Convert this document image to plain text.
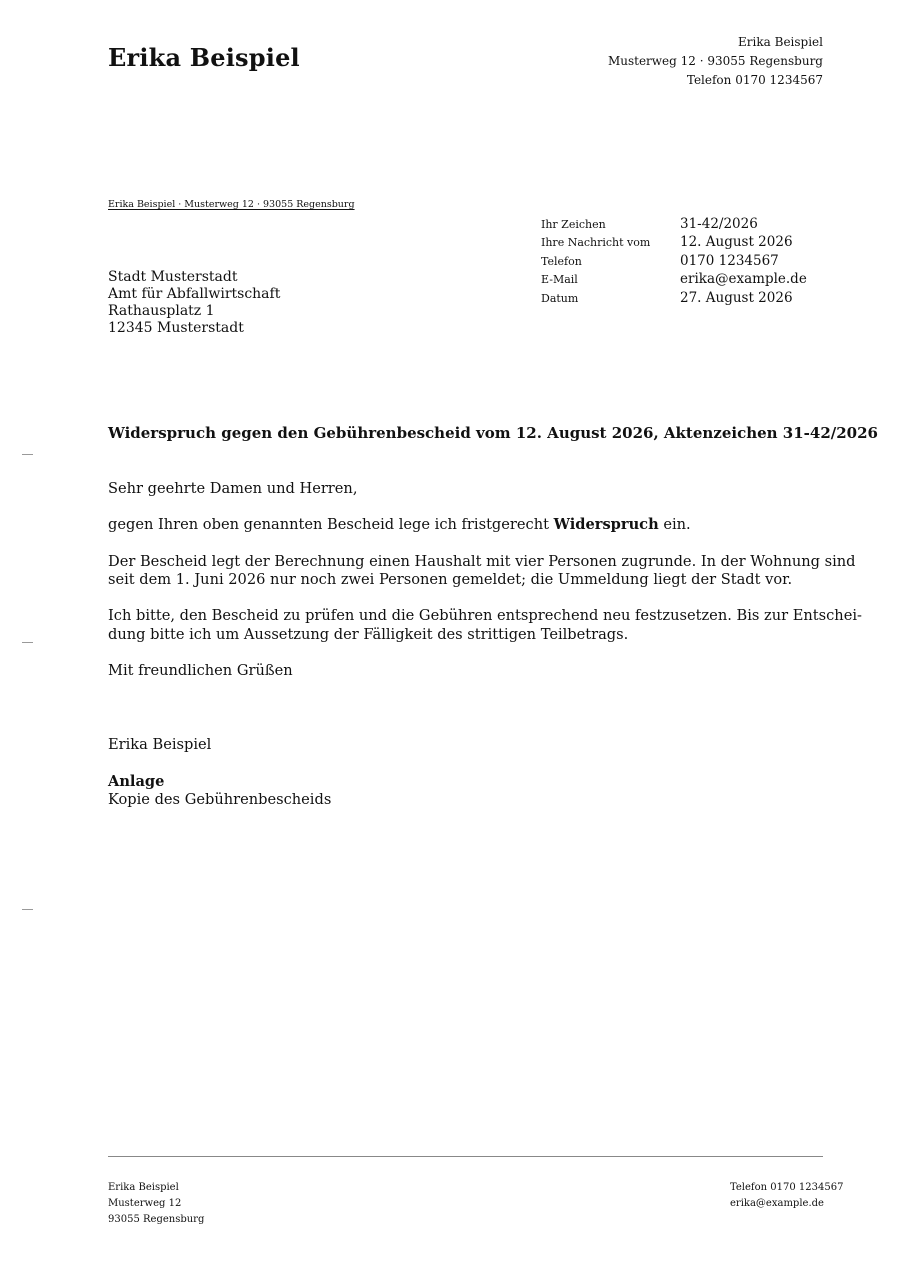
Erika Beispiel
Erika Beispiel
Musterweg 12 · 93055 Regensburg
Telefon 0170 1234567
Erika Beispiel · Musterweg 12 · 93055 Regensburg
Stadt Musterstadt
Amt für Abfallwirtschaft
Rathausplatz 1
12345 Musterstadt
Ihr Zeichen	31-42/2026
Ihre Nachricht vom	12. August 2026
Telefon	0170 1234567
E-Mail	erika@example.de
Datum	27. August 2026
Widerspruch gegen den Gebührenbescheid vom 12. August 2026, Aktenzeichen 31-42/2026

Sehr geehrte Damen und Herren,

gegen Ihren oben genannten Bescheid lege ich fristgerecht Widerspruch ein.

Der Bescheid legt der Berechnung einen Haushalt mit vier Personen zugrunde. In der Wohnung sind
seit dem 1. Juni 2026 nur noch zwei Personen gemeldet; die Ummeldung liegt der Stadt vor.

Ich bitte, den Bescheid zu prüfen und die Gebühren entsprechend neu festzusetzen. Bis zur Entschei-
dung bitte ich um Aussetzung der Fälligkeit des strittigen Teilbetrags.

Mit freundlichen Grüßen

Erika Beispiel

Anlage

Kopie des Gebührenbescheids

Erika Beispiel
Musterweg 12
93055 Regensburg
Telefon 0170 1234567
erika@example.de
